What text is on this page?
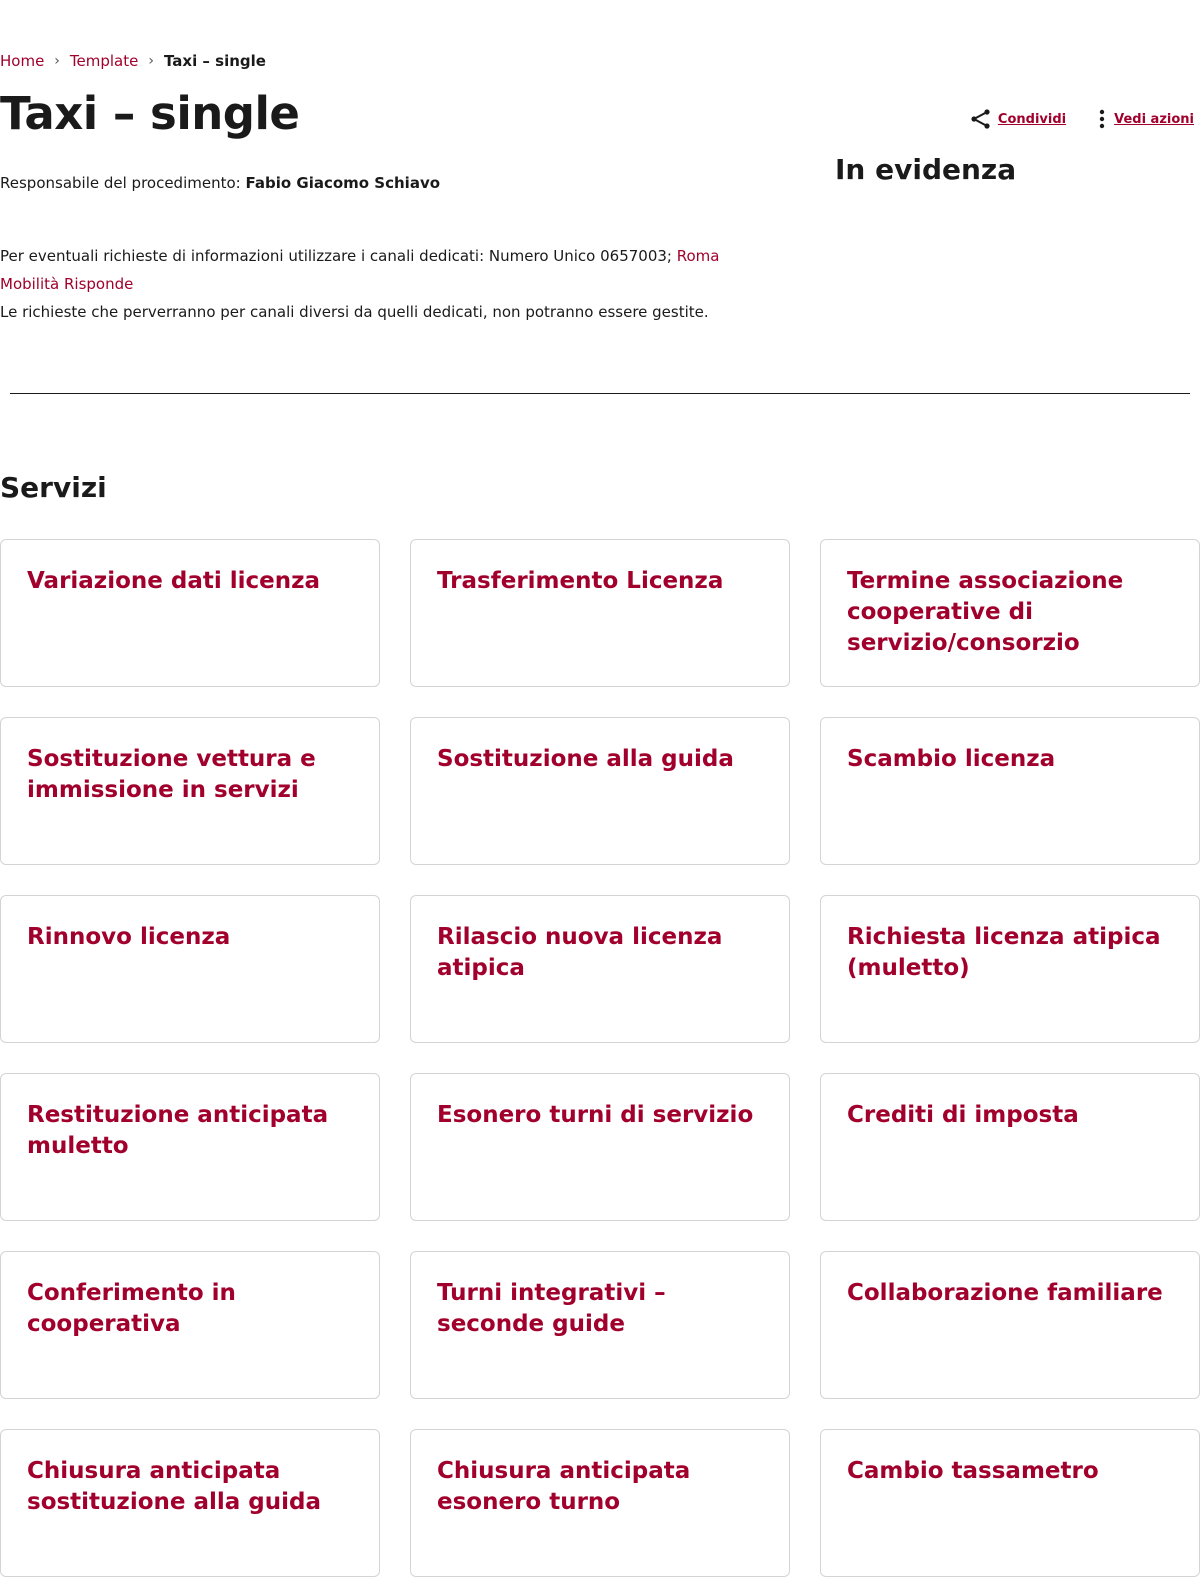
Home › Template › Taxi – single
Taxi – single	Condividi	Vedi azioni
In evidenza
Responsabile del procedimento: Fabio Giacomo Schiavo

Per eventuali richieste di informazioni utilizzare i canali dedicati: Numero Unico 0657003; Roma Mobilità Risponde
Le richieste che perverranno per canali diversi da quelli dedicati, non potranno essere gestite.

Servizi
Variazione dati licenza	Trasferimento Licenza	Termine associazione cooperative di servizio/consorzio
Sostituzione vettura e immissione in servizi
Sostituzione alla guida	Scambio licenza
Rinnovo licenza	Rilascio nuova licenza atipica
Richiesta licenza atipica (muletto)
Restituzione anticipata muletto
Esonero turni di servizio	Crediti di imposta
Conferimento in cooperativa
Turni integrativi – seconde guide
Collaborazione familiare
Chiusura anticipata sostituzione alla guida
Chiusura anticipata esonero turno
Cambio tassametro
